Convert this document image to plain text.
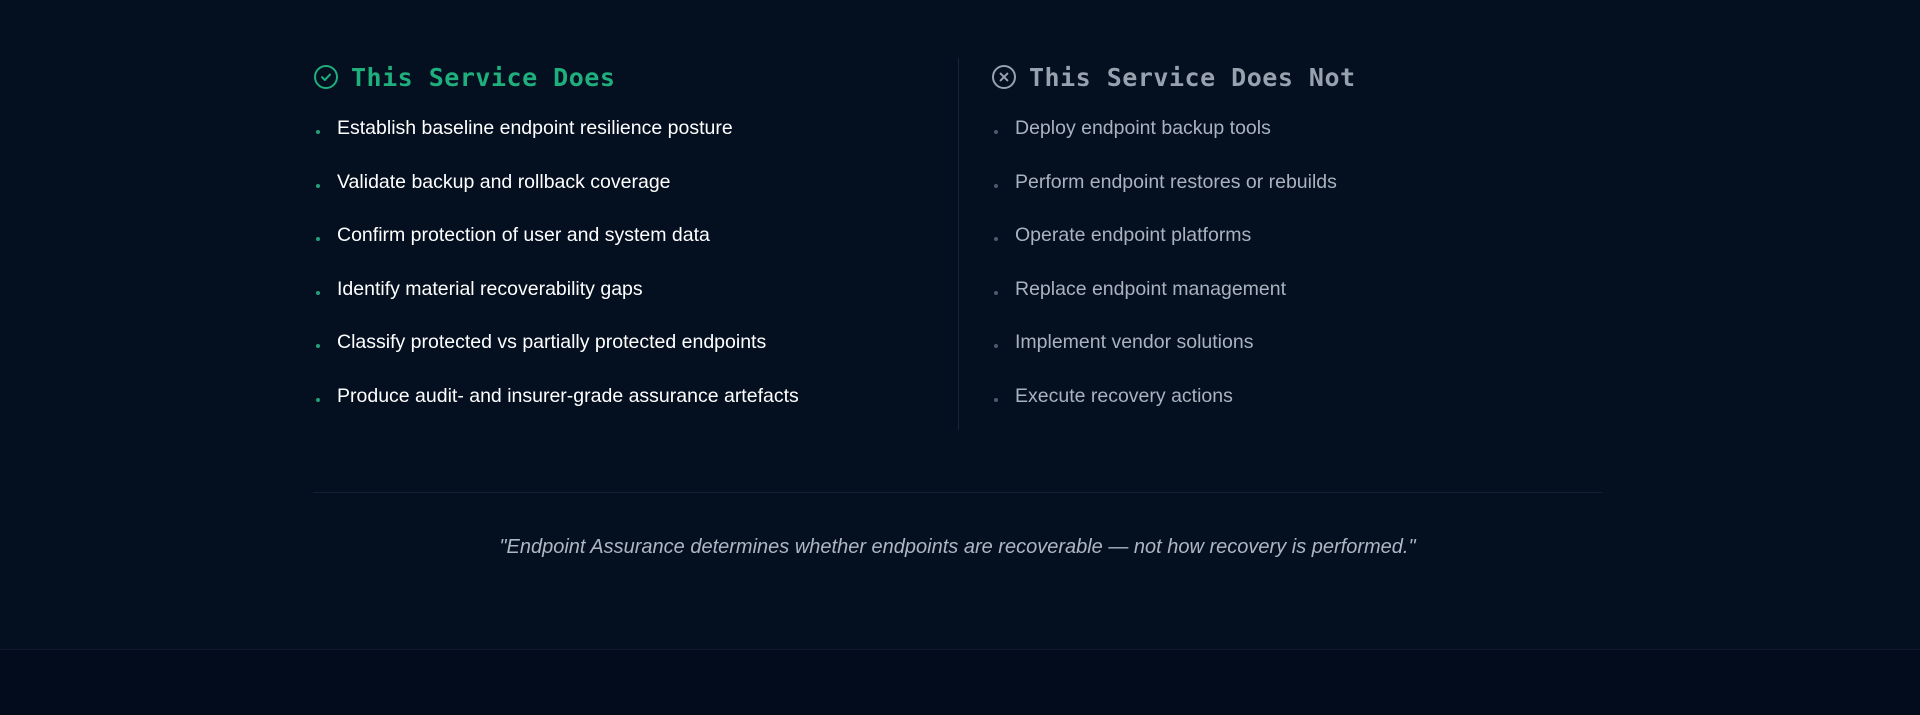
This Service Does
Establish baseline endpoint resilience posture
Validate backup and rollback coverage
Confirm protection of user and system data
Identify material recoverability gaps
Classify protected vs partially protected endpoints
Produce audit- and insurer-grade assurance artefacts
This Service Does Not
Deploy endpoint backup tools
Perform endpoint restores or rebuilds
Operate endpoint platforms
Replace endpoint management
Implement vendor solutions
Execute recovery actions
"Endpoint Assurance determines whether endpoints are recoverable — not how recovery is performed."
